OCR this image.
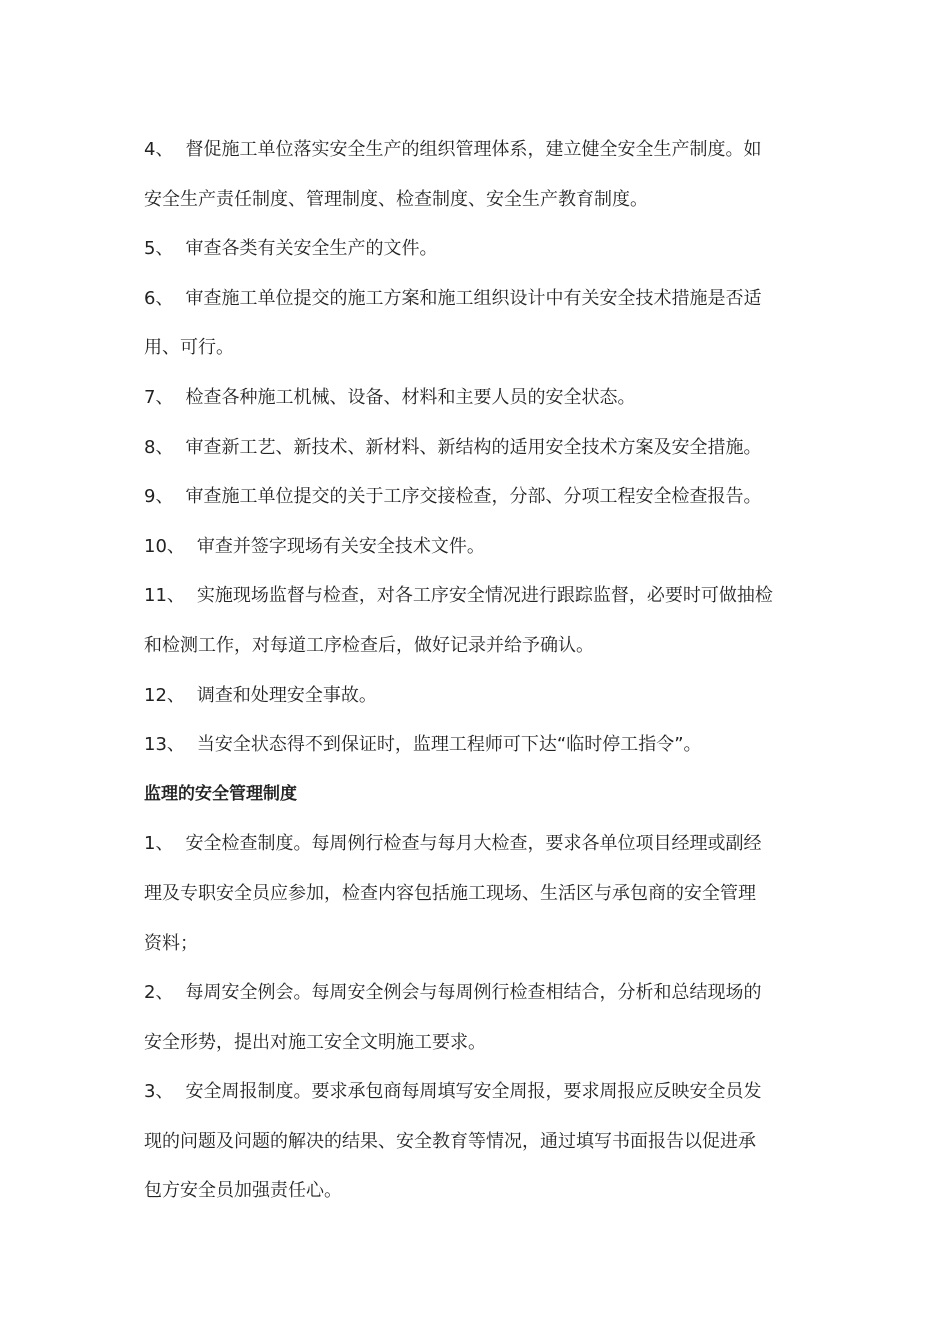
4、 督促施工单位落实安全生产的组织管理体系，建立健全安全生产制度。如
安全生产责任制度、管理制度、检查制度、安全生产教育制度。
5、 审查各类有关安全生产的文件。
6、 审查施工单位提交的施工方案和施工组织设计中有关安全技术措施是否适
用、可行。
7、 检查各种施工机械、设备、材料和主要人员的安全状态。
8、 审查新工艺、新技术、新材料、新结构的适用安全技术方案及安全措施。
9、 审查施工单位提交的关于工序交接检查，分部、分项工程安全检查报告。
10、 审查并签字现场有关安全技术文件。
11、 实施现场监督与检查，对各工序安全情况进行跟踪监督，必要时可做抽检
和检测工作，对每道工序检查后，做好记录并给予确认。
12、 调查和处理安全事故。
13、 当安全状态得不到保证时，监理工程师可下达“临时停工指令”。
监理的安全管理制度
1、 安全检查制度。每周例行检查与每月大检查，要求各单位项目经理或副经
理及专职安全员应参加，检查内容包括施工现场、生活区与承包商的安全管理
资料；
2、 每周安全例会。每周安全例会与每周例行检查相结合，分析和总结现场的
安全形势，提出对施工安全文明施工要求。
3、 安全周报制度。要求承包商每周填写安全周报，要求周报应反映安全员发
现的问题及问题的解决的结果、安全教育等情况，通过填写书面报告以促进承
包方安全员加强责任心。
